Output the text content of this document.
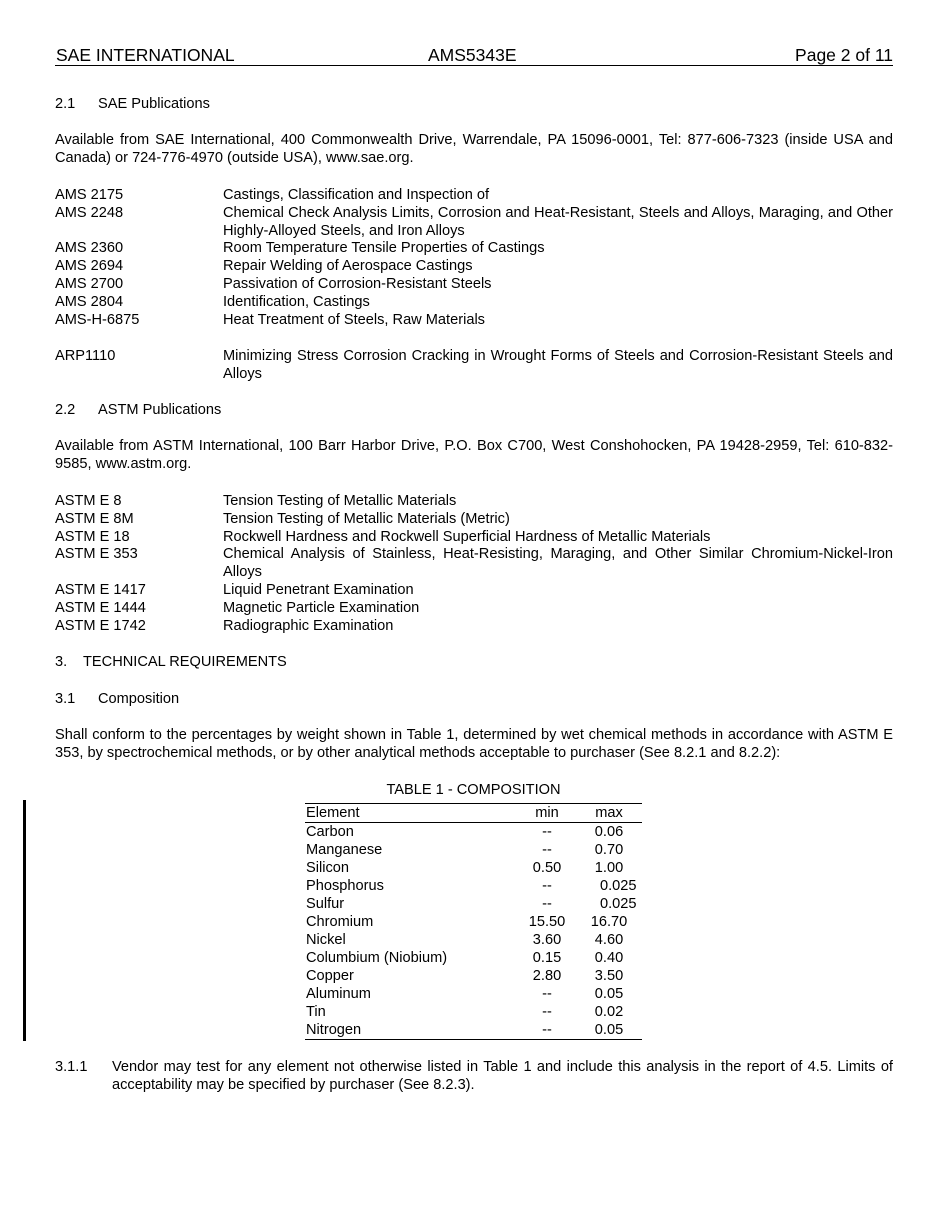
SAE INTERNATIONAL	AMS5343E	Page 2 of 11
2.1 SAE Publications
Available from SAE International, 400 Commonwealth Drive, Warrendale, PA 15096-0001, Tel: 877-606-7323 (inside USA and Canada) or 724-776-4970 (outside USA), www.sae.org.
AMS 2175	Castings, Classification and Inspection of
AMS 2248	Chemical Check Analysis Limits, Corrosion and Heat-Resistant, Steels and Alloys, Maraging, and Other Highly-Alloyed Steels, and Iron Alloys
AMS 2360	Room Temperature Tensile Properties of Castings
AMS 2694	Repair Welding of Aerospace Castings
AMS 2700	Passivation of Corrosion-Resistant Steels
AMS 2804	Identification, Castings
AMS-H-6875	Heat Treatment of Steels, Raw Materials
ARP1110	Minimizing Stress Corrosion Cracking in Wrought Forms of Steels and Corrosion-Resistant Steels and Alloys
2.2 ASTM Publications
Available from ASTM International, 100 Barr Harbor Drive, P.O. Box C700, West Conshohocken, PA 19428-2959, Tel: 610-832-9585, www.astm.org.
ASTM E 8	Tension Testing of Metallic Materials
ASTM E 8M	Tension Testing of Metallic Materials (Metric)
ASTM E 18	Rockwell Hardness and Rockwell Superficial Hardness of Metallic Materials
ASTM E 353	Chemical Analysis of Stainless, Heat-Resisting, Maraging, and Other Similar Chromium-Nickel-Iron Alloys
ASTM E 1417	Liquid Penetrant Examination
ASTM E 1444	Magnetic Particle Examination
ASTM E 1742	Radiographic Examination
3. TECHNICAL REQUIREMENTS
3.1 Composition
Shall conform to the percentages by weight shown in Table 1, determined by wet chemical methods in accordance with ASTM E 353, by spectrochemical methods, or by other analytical methods acceptable to purchaser (See 8.2.1 and 8.2.2):
TABLE 1 - COMPOSITION
Element	min	max
Carbon	--	0.06
Manganese	--	0.70
Silicon	0.50	1.00
Phosphorus	--	0.025
Sulfur	--	0.025
Chromium	15.50	16.70
Nickel	3.60	4.60
Columbium (Niobium)	0.15	0.40
Copper	2.80	3.50
Aluminum	--	0.05
Tin	--	0.02
Nitrogen	--	0.05
3.1.1 Vendor may test for any element not otherwise listed in Table 1 and include this analysis in the report of 4.5. Limits of acceptability may be specified by purchaser (See 8.2.3).
